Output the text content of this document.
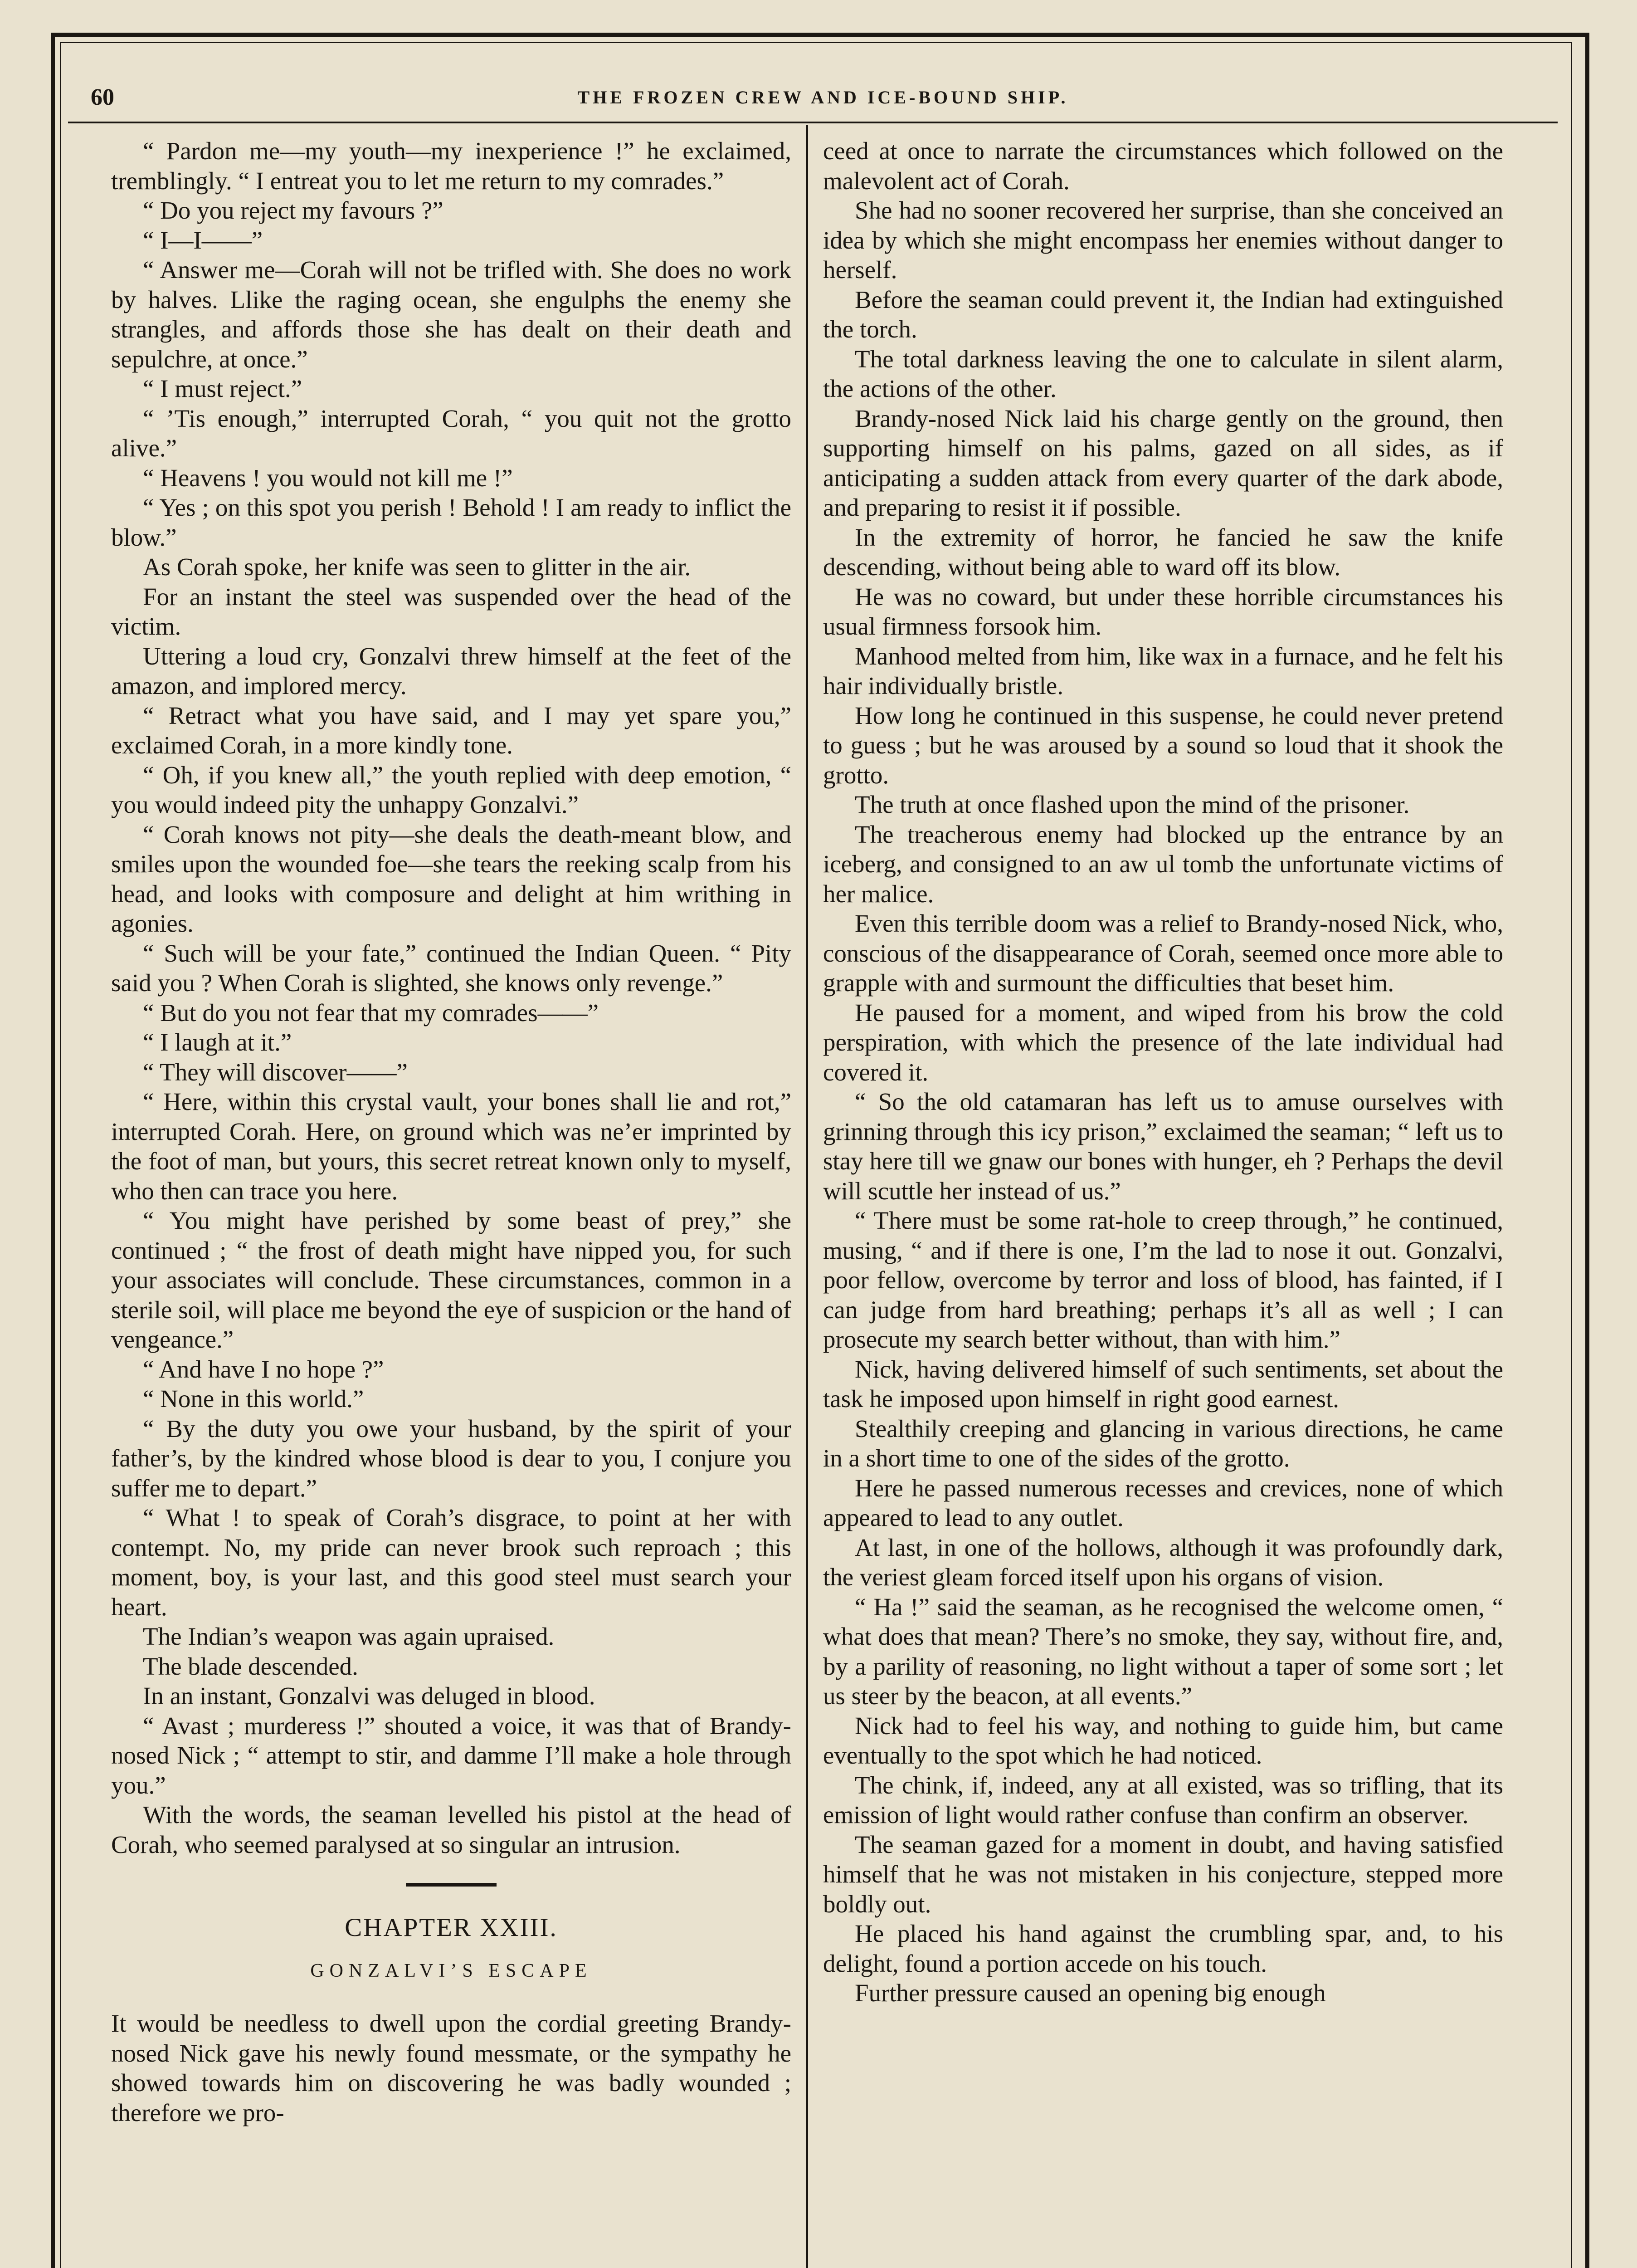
60	THE FROZEN CREW AND ICE-BOUND SHIP.

“ Pardon me—my youth—my inexperience !” he exclaimed, tremblingly. “ I entreat you to let me return to my comrades.”

“ Do you reject my favours ?”

“ I—I——”

“ Answer me—Corah will not be trifled with. She does no work by halves. Llike the raging ocean, she engulphs the enemy she strangles, and affords those she has dealt on their death and sepulchre, at once.”

“ I must reject.”

“ ’Tis enough,” interrupted Corah, “ you quit not the grotto alive.”

“ Heavens ! you would not kill me !”

“ Yes ; on this spot you perish ! Behold ! I am ready to inflict the blow.”

As Corah spoke, her knife was seen to glitter in the air.

For an instant the steel was suspended over the head of the victim.

Uttering a loud cry, Gonzalvi threw himself at the feet of the amazon, and implored mercy.

“ Retract what you have said, and I may yet spare you,” exclaimed Corah, in a more kindly tone.

“ Oh, if you knew all,” the youth replied with deep emotion, “ you would indeed pity the unhappy Gonzalvi.”

“ Corah knows not pity—she deals the death-meant blow, and smiles upon the wounded foe—she tears the reeking scalp from his head, and looks with composure and delight at him writhing in agonies.

“ Such will be your fate,” continued the Indian Queen. “ Pity said you ? When Corah is slighted, she knows only revenge.”

“ But do you not fear that my comrades——”

“ I laugh at it.”

“ They will discover——”

“ Here, within this crystal vault, your bones shall lie and rot,” interrupted Corah. Here, on ground which was ne’er imprinted by the foot of man, but yours, this secret retreat known only to myself, who then can trace you here.

“ You might have perished by some beast of prey,” she continued ; “ the frost of death might have nipped you, for such your associates will conclude. These circumstances, common in a sterile soil, will place me beyond the eye of suspicion or the hand of vengeance.”

“ And have I no hope ?”

“ None in this world.”

“ By the duty you owe your husband, by the spirit of your father’s, by the kindred whose blood is dear to you, I conjure you suffer me to depart.”

“ What ! to speak of Corah’s disgrace, to point at her with contempt. No, my pride can never brook such reproach ; this moment, boy, is your last, and this good steel must search your heart.

The Indian’s weapon was again upraised.

The blade descended.

In an instant, Gonzalvi was deluged in blood.

“ Avast ; murderess !” shouted a voice, it was that of Brandy-nosed Nick ; “ attempt to stir, and damme I’ll make a hole through you.”

With the words, the seaman levelled his pistol at the head of Corah, who seemed paralysed at so singular an intrusion.

CHAPTER XXIII.
GONZALVI’S ESCAPE

It would be needless to dwell upon the cordial greeting Brandy-nosed Nick gave his newly found messmate, or the sympathy he showed towards him on discovering he was badly wounded ; therefore we pro-

ceed at once to narrate the circumstances which followed on the malevolent act of Corah.

She had no sooner recovered her surprise, than she conceived an idea by which she might encompass her enemies without danger to herself.

Before the seaman could prevent it, the Indian had extinguished the torch.

The total darkness leaving the one to calculate in silent alarm, the actions of the other.

Brandy-nosed Nick laid his charge gently on the ground, then supporting himself on his palms, gazed on all sides, as if anticipating a sudden attack from every quarter of the dark abode, and preparing to resist it if possible.

In the extremity of horror, he fancied he saw the knife descending, without being able to ward off its blow.

He was no coward, but under these horrible circumstances his usual firmness forsook him.

Manhood melted from him, like wax in a furnace, and he felt his hair individually bristle.

How long he continued in this suspense, he could never pretend to guess ; but he was aroused by a sound so loud that it shook the grotto.

The truth at once flashed upon the mind of the prisoner.

The treacherous enemy had blocked up the entrance by an iceberg, and consigned to an aw ul tomb the unfortunate victims of her malice.

Even this terrible doom was a relief to Brandy-nosed Nick, who, conscious of the disappearance of Corah, seemed once more able to grapple with and surmount the difficulties that beset him.

He paused for a moment, and wiped from his brow the cold perspiration, with which the presence of the late individual had covered it.

“ So the old catamaran has left us to amuse ourselves with grinning through this icy prison,” exclaimed the seaman; “ left us to stay here till we gnaw our bones with hunger, eh ? Perhaps the devil will scuttle her instead of us.”

“ There must be some rat-hole to creep through,” he continued, musing, “ and if there is one, I’m the lad to nose it out. Gonzalvi, poor fellow, overcome by terror and loss of blood, has fainted, if I can judge from hard breathing; perhaps it’s all as well ; I can prosecute my search better without, than with him.”

Nick, having delivered himself of such sentiments, set about the task he imposed upon himself in right good earnest.

Stealthily creeping and glancing in various directions, he came in a short time to one of the sides of the grotto.

Here he passed numerous recesses and crevices, none of which appeared to lead to any outlet.

At last, in one of the hollows, although it was profoundly dark, the veriest gleam forced itself upon his organs of vision.

“ Ha !” said the seaman, as he recognised the welcome omen, “ what does that mean? There’s no smoke, they say, without fire, and, by a parility of reasoning, no light without a taper of some sort ; let us steer by the beacon, at all events.”

Nick had to feel his way, and nothing to guide him, but came eventually to the spot which he had noticed.

The chink, if, indeed, any at all existed, was so trifling, that its emission of light would rather confuse than confirm an observer.

The seaman gazed for a moment in doubt, and having satisfied himself that he was not mistaken in his conjecture, stepped more boldly out.

He placed his hand against the crumbling spar, and, to his delight, found a portion accede on his touch.

Further pressure caused an opening big enough
